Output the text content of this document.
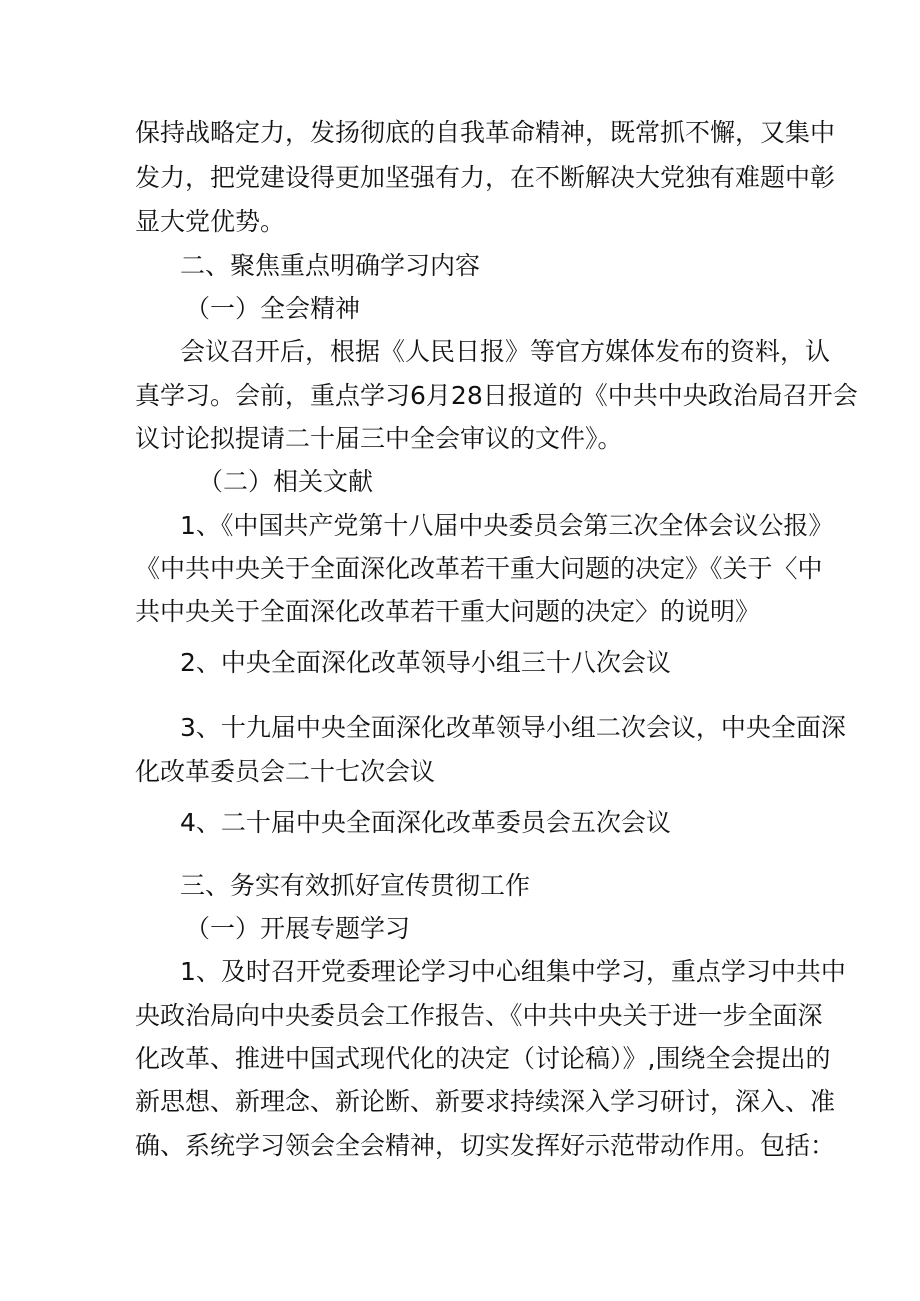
保持战略定力，发扬彻底的自我革命精神，既常抓不懈，又集中
发力，把党建设得更加坚强有力，在不断解决大党独有难题中彰
显大党优势。
二、聚焦重点明确学习内容
（一）全会精神
会议召开后，根据《人民日报》等官方媒体发布的资料，认
真学习。会前，重点学习6月28日报道的《中共中央政治局召开会
议讨论拟提请二十届三中全会审议的文件》。
（二）相关文献
1、《中国共产党第十八届中央委员会第三次全体会议公报》
《中共中央关于全面深化改革若干重大问题的决定》《关于〈中
共中央关于全面深化改革若干重大问题的决定〉的说明》
2、中央全面深化改革领导小组三十八次会议
3、十九届中央全面深化改革领导小组二次会议，中央全面深
化改革委员会二十七次会议
4、二十届中央全面深化改革委员会五次会议
三、务实有效抓好宣传贯彻工作
（一）开展专题学习
1、及时召开党委理论学习中心组集中学习，重点学习中共中
央政治局向中央委员会工作报告、《中共中央关于进一步全面深
化改革、推进中国式现代化的决定（讨论稿）》,围绕全会提出的
新思想、新理念、新论断、新要求持续深入学习研讨，深入、准
确、系统学习领会全会精神，切实发挥好示范带动作用。包括：
